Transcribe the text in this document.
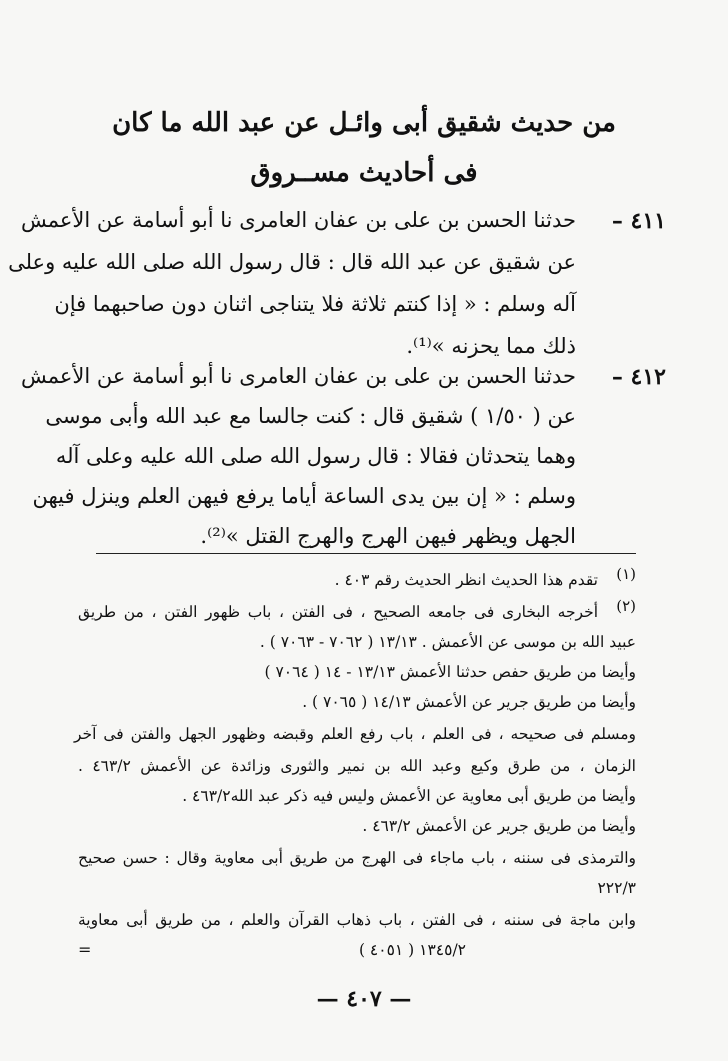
من حديث شقيق أبى وائـل عن عبد الله ما كان
فى أحاديث مســروق
٤١١ –
حدثنا الحسن بن على بن عفان العامرى نا أبو أسامة عن الأعمش
عن شقيق عن عبد الله قال : قال رسول الله صلى الله عليه وعلى
آله وسلم : « إذا كنتم ثلاثة فلا يتناجى اثنان دون صاحبهما فإن
ذلك مما يحزنه »⁽¹⁾.
٤١٢ –
حدثنا الحسن بن على بن عفان العامرى نا أبو أسامة عن الأعمش
عن ( ١/٥٠ ) شقيق قال : كنت جالسا مع عبد الله وأبى موسى
وهما يتحدثان فقالا : قال رسول الله صلى الله عليه وعلى آله
وسلم : « إن بين يدى الساعة أياما يرفع فيهن العلم وينزل فيهن
الجهل ويظهر فيهن الهرج والهرج القتل »⁽²⁾.
(١)
تقدم هذا الحديث انظر الحديث رقم ٤٠٣ .
(٢)
أخرجه البخارى فى جامعه الصحيح ، فى الفتن ، باب ظهور الفتن ، من طريق
عبيد الله بن موسى عن الأعمش . ١٣/١٣ ( ٧٠٦٢ - ٧٠٦٣ ) .
وأيضا من طريق حفص حدثنا الأعمش ١٣/١٣ - ١٤ ( ٧٠٦٤ )
وأيضا من طريق جرير عن الأعمش ١٤/١٣ ( ٧٠٦٥ ) .
ومسلم فى صحيحه ، فى العلم ، باب رفع العلم وقبضه وظهور الجهل والفتن فى آخر
الزمان ، من طرق وكيع وعبد الله بن نمير والثورى وزائدة عن الأعمش ٤٦٣/٢ .
وأيضا من طريق أبى معاوية عن الأعمش وليس فيه ذكر عبد الله٤٦٣/٢ .
وأيضا من طريق جرير عن الأعمش ٤٦٣/٢ .
والترمذى فى سننه ، باب ماجاء فى الهرج من طريق أبى معاوية وقال : حسن صحيح
٢٢٢/٣
وابن ماجة فى سننه ، فى الفتن ، باب ذهاب القرآن والعلم ، من طريق أبى معاوية
١٣٤٥/٢ ( ٤٠٥١ )
=
— ٤٠٧ —
